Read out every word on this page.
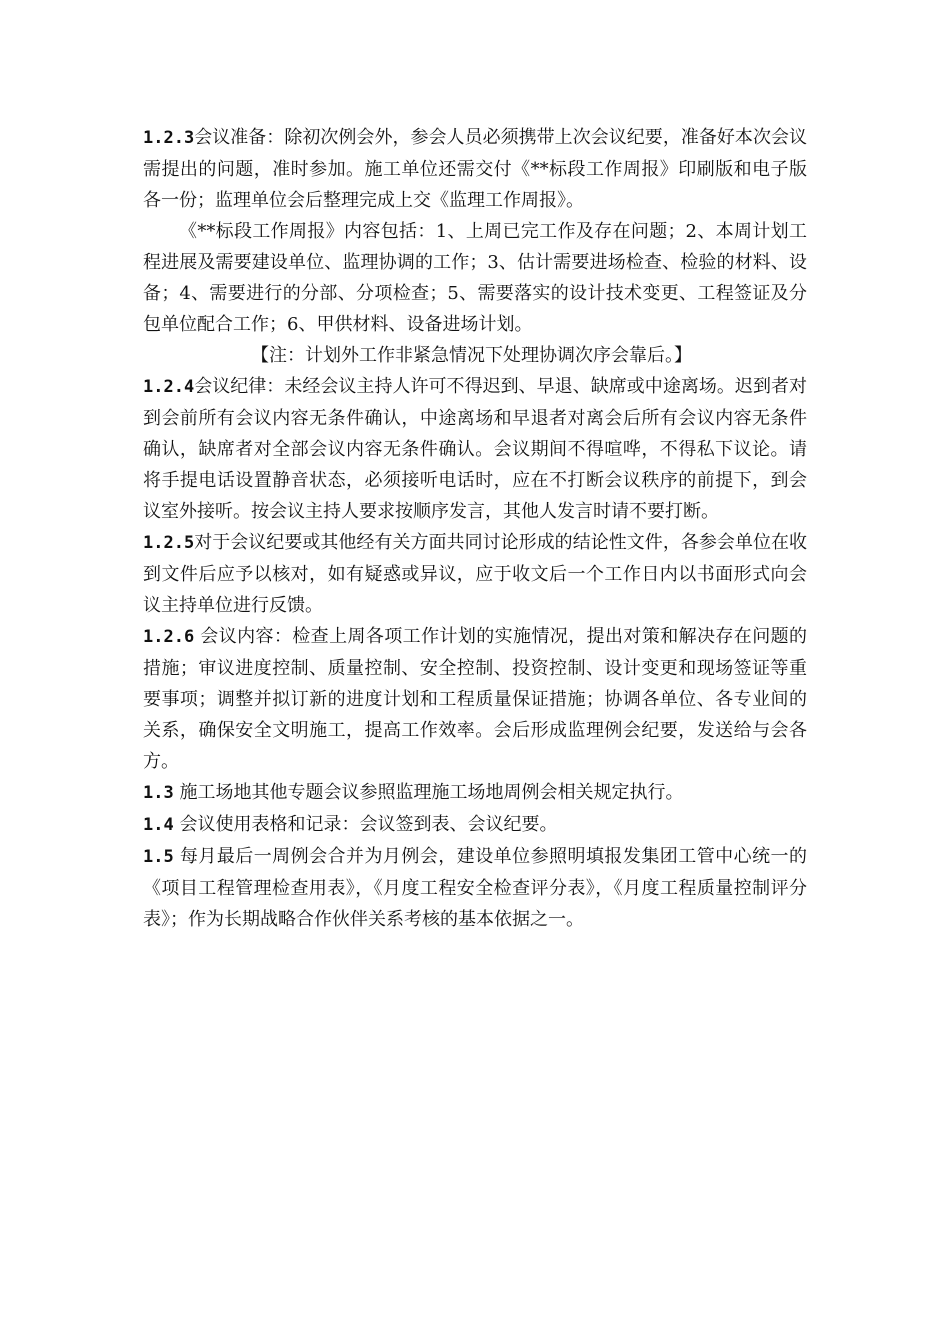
1.2.3会议准备：除初次例会外，参会人员必须携带上次会议纪要，准备好本次会议需提出的问题，准时参加。施工单位还需交付《**标段工作周报》印刷版和电子版各一份；监理单位会后整理完成上交《监理工作周报》。

《**标段工作周报》内容包括：1、上周已完工作及存在问题；2、本周计划工程进展及需要建设单位、监理协调的工作；3、估计需要进场检查、检验的材料、设备；4、需要进行的分部、分项检查；5、需要落实的设计技术变更、工程签证及分包单位配合工作；6、甲供材料、设备进场计划。

【注：计划外工作非紧急情况下处理协调次序会靠后。】

1.2.4会议纪律：未经会议主持人许可不得迟到、早退、缺席或中途离场。迟到者对到会前所有会议内容无条件确认，中途离场和早退者对离会后所有会议内容无条件确认，缺席者对全部会议内容无条件确认。会议期间不得喧哗，不得私下议论。请将手提电话设置静音状态，必须接听电话时，应在不打断会议秩序的前提下，到会议室外接听。按会议主持人要求按顺序发言，其他人发言时请不要打断。

1.2.5对于会议纪要或其他经有关方面共同讨论形成的结论性文件，各参会单位在收到文件后应予以核对，如有疑惑或异议，应于收文后一个工作日内以书面形式向会议主持单位进行反馈。

1.2.6 会议内容：检查上周各项工作计划的实施情况，提出对策和解决存在问题的措施；审议进度控制、质量控制、安全控制、投资控制、设计变更和现场签证等重要事项；调整并拟订新的进度计划和工程质量保证措施；协调各单位、各专业间的关系，确保安全文明施工，提高工作效率。会后形成监理例会纪要，发送给与会各方。

1.3 施工场地其他专题会议参照监理施工场地周例会相关规定执行。

1.4 会议使用表格和记录：会议签到表、会议纪要。

1.5 每月最后一周例会合并为月例会，建设单位参照明填报发集团工管中心统一的《项目工程管理检查用表》，《月度工程安全检查评分表》，《月度工程质量控制评分表》；作为长期战略合作伙伴关系考核的基本依据之一。
